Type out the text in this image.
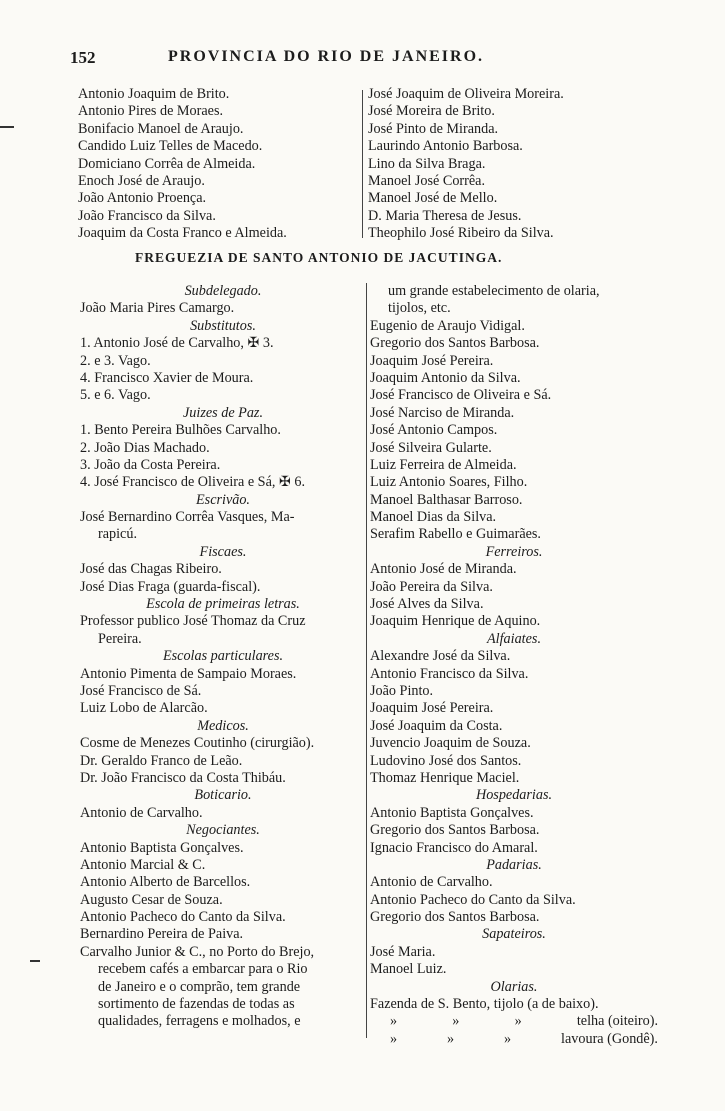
152	PROVINCIA DO RIO DE JANEIRO.
Antonio Joaquim de Brito.
Antonio Pires de Moraes.
Bonifacio Manoel de Araujo.
Candido Luiz Telles de Macedo.
Domiciano Corrêa de Almeida.
Enoch José de Araujo.
João Antonio Proença.
João Francisco da Silva.
Joaquim da Costa Franco e Almeida.
José Joaquim de Oliveira Moreira.
José Moreira de Brito.
José Pinto de Miranda.
Laurindo Antonio Barbosa.
Lino da Silva Braga.
Manoel José Corrêa.
Manoel José de Mello.
D. Maria Theresa de Jesus.
Theophilo José Ribeiro da Silva.
FREGUEZIA DE SANTO ANTONIO DE JACUTINGA.
Subdelegado.
João Maria Pires Camargo.
Substitutos.
1. Antonio José de Carvalho, ✠ 3.
2. e 3. Vago.
4. Francisco Xavier de Moura.
5. e 6. Vago.
Juizes de Paz.
1. Bento Pereira Bulhões Carvalho.
2. João Dias Machado.
3. João da Costa Pereira.
4. José Francisco de Oliveira e Sá, ✠ 6.
Escrivão.
José Bernardino Corrêa Vasques, Ma-
rapicú.
Fiscaes.
José das Chagas Ribeiro.
José Dias Fraga (guarda-fiscal).
Escola de primeiras letras.
Professor publico José Thomaz da Cruz
Pereira.
Escolas particulares.
Antonio Pimenta de Sampaio Moraes.
José Francisco de Sá.
Luiz Lobo de Alarcão.
Medicos.
Cosme de Menezes Coutinho (cirurgião).
Dr. Geraldo Franco de Leão.
Dr. João Francisco da Costa Thibáu.
Boticario.
Antonio de Carvalho.
Negociantes.
Antonio Baptista Gonçalves.
Antonio Marcial & C.
Antonio Alberto de Barcellos.
Augusto Cesar de Souza.
Antonio Pacheco do Canto da Silva.
Bernardino Pereira de Paiva.
Carvalho Junior & C., no Porto do Brejo,
recebem cafés a embarcar para o Rio
de Janeiro e o comprão, tem grande
sortimento de fazendas de todas as
qualidades, ferragens e molhados, e
um grande estabelecimento de olaria,
tijolos, etc.
Eugenio de Araujo Vidigal.
Gregorio dos Santos Barbosa.
Joaquim José Pereira.
Joaquim Antonio da Silva.
José Francisco de Oliveira e Sá.
José Narciso de Miranda.
José Antonio Campos.
José Silveira Gularte.
Luiz Ferreira de Almeida.
Luiz Antonio Soares, Filho.
Manoel Balthasar Barroso.
Manoel Dias da Silva.
Serafim Rabello e Guimarães.
Ferreiros.
Antonio José de Miranda.
João Pereira da Silva.
José Alves da Silva.
Joaquim Henrique de Aquino.
Alfaiates.
Alexandre José da Silva.
Antonio Francisco da Silva.
João Pinto.
Joaquim José Pereira.
José Joaquim da Costa.
Juvencio Joaquim de Souza.
Ludovino José dos Santos.
Thomaz Henrique Maciel.
Hospedarias.
Antonio Baptista Gonçalves.
Gregorio dos Santos Barbosa.
Ignacio Francisco do Amaral.
Padarias.
Antonio de Carvalho.
Antonio Pacheco do Canto da Silva.
Gregorio dos Santos Barbosa.
Sapateiros.
José Maria.
Manoel Luiz.
Olarias.
Fazenda de S. Bento, tijolo (a de baixo).
»	»	»	telha (oiteiro).
»	»	»	lavoura (Gondê).
